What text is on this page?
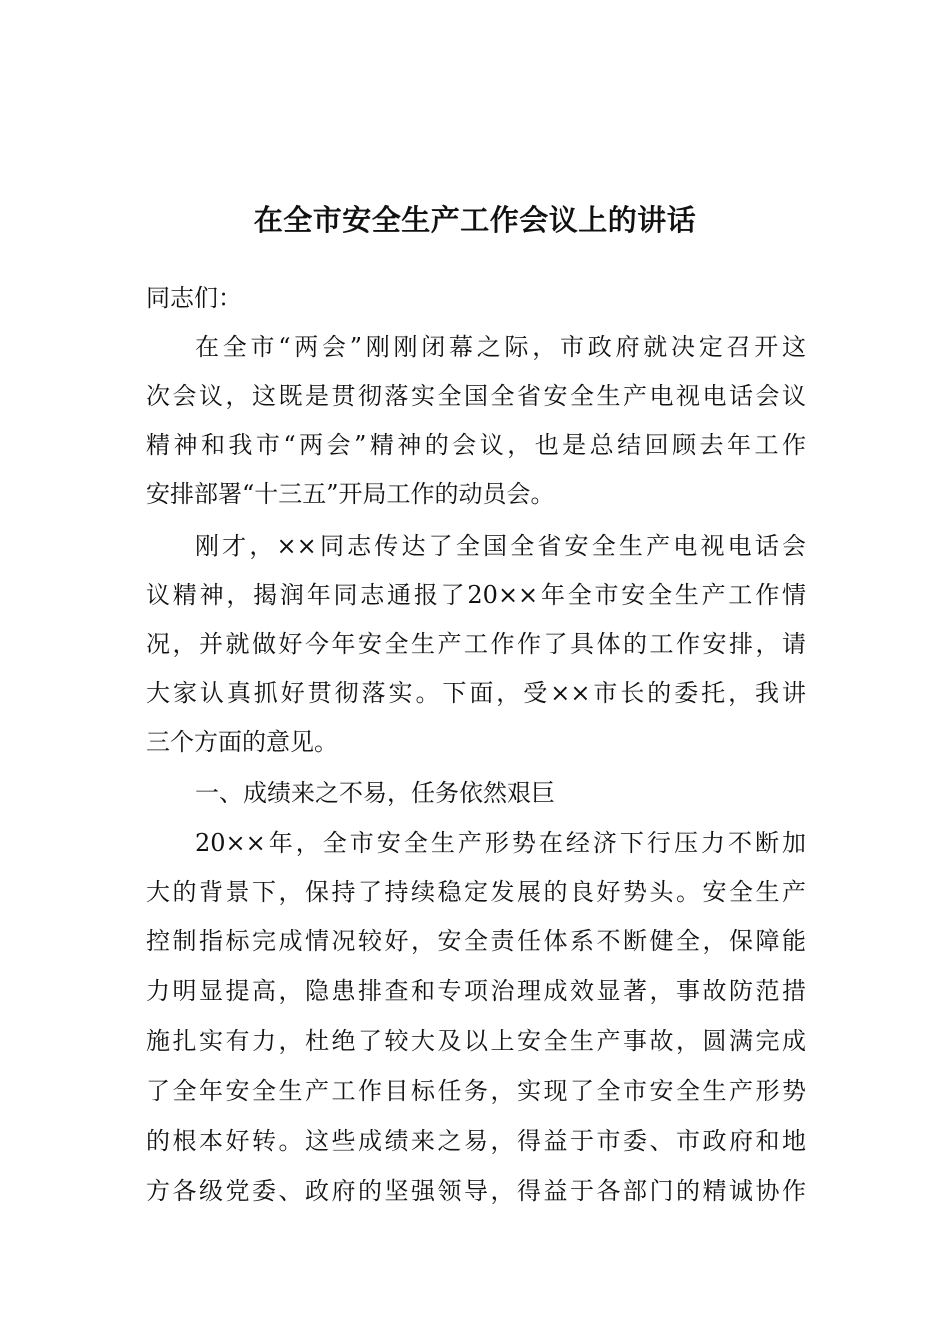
在全市安全生产工作会议上的讲话
同志们：
在全市“两会”刚刚闭幕之际，市政府就决定召开这
次会议，这既是贯彻落实全国全省安全生产电视电话会议
精神和我市“两会”精神的会议，也是总结回顾去年工作
安排部署“十三五”开局工作的动员会。
刚才，××同志传达了全国全省安全生产电视电话会
议精神，揭润年同志通报了20××年全市安全生产工作情
况，并就做好今年安全生产工作作了具体的工作安排，请
大家认真抓好贯彻落实。下面，受××市长的委托，我讲
三个方面的意见。
一、成绩来之不易，任务依然艰巨
20××年，全市安全生产形势在经济下行压力不断加
大的背景下，保持了持续稳定发展的良好势头。安全生产
控制指标完成情况较好，安全责任体系不断健全，保障能
力明显提高，隐患排查和专项治理成效显著，事故防范措
施扎实有力，杜绝了较大及以上安全生产事故，圆满完成
了全年安全生产工作目标任务，实现了全市安全生产形势
的根本好转。这些成绩来之易，得益于市委、市政府和地
方各级党委、政府的坚强领导，得益于各部门的精诚协作
